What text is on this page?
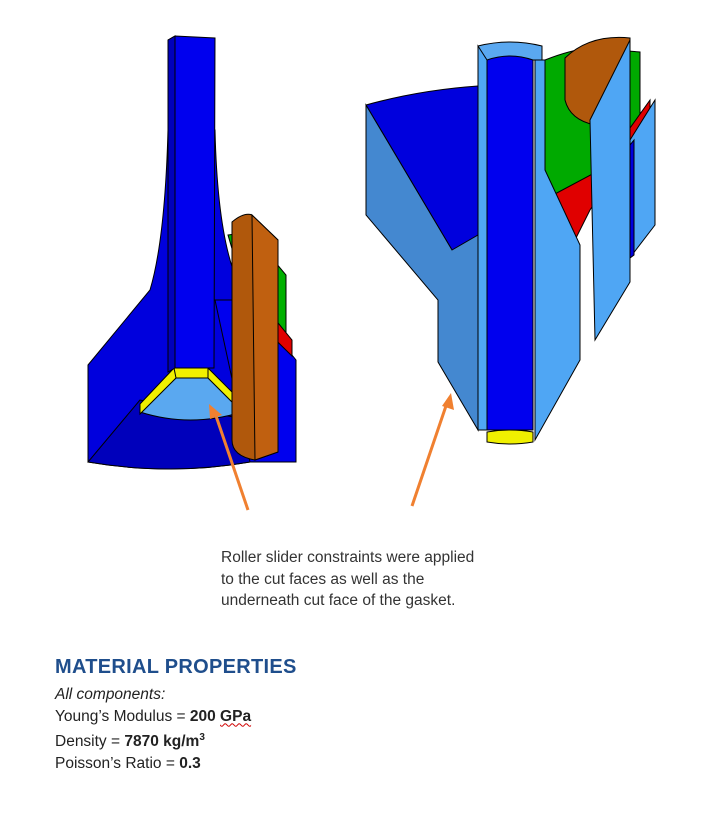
Roller slider constraints were applied
to the cut faces as well as the
underneath cut face of the gasket.
MATERIAL PROPERTIES
All components:
Young’s Modulus = 200 GPa
Density = 7870 $kg/m^3$
Poisson’s Ratio = 0.3
